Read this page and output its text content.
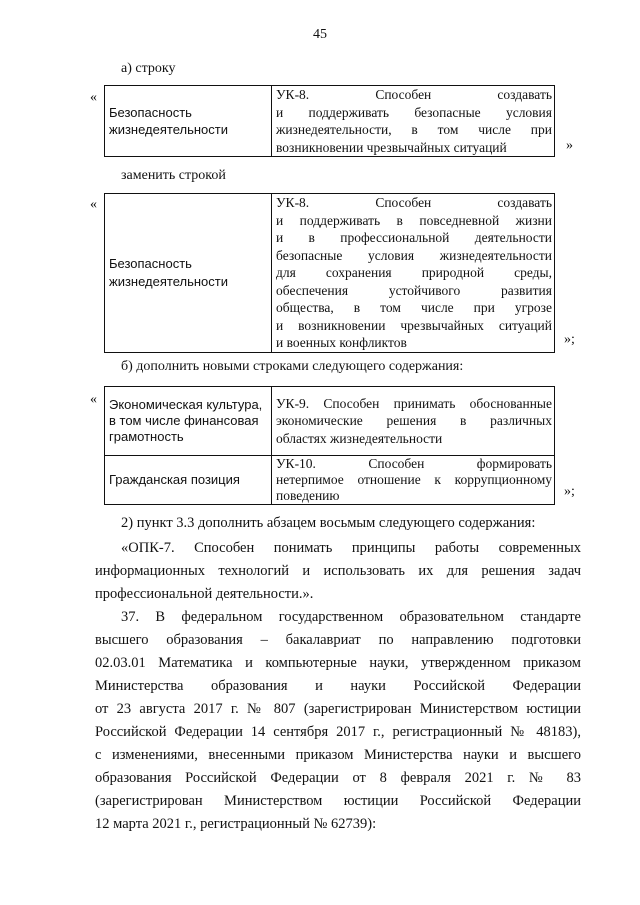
45
а) строку
«
Безопасность жизнедеятельности	
УК-8. Способен создавать
и поддерживать безопасные условия
жизнедеятельности, в том числе при
возникновении чрезвычайных ситуаций	»
заменить строкой
«
Безопасность жизнедеятельности	
УК-8. Способен создавать
и поддерживать в повседневной жизни
и в профессиональной деятельности
безопасные условия жизнедеятельности
для сохранения природной среды,
обеспечения устойчивого развития
общества, в том числе при угрозе
и возникновении чрезвычайных ситуаций
и военных конфликтов	»;
б) дополнить новыми строками следующего содержания:
« Экономическая культура, в том числе финансовая грамотность	УК-9. Способен принимать обоснованные
экономические решения в различных
областях жизнедеятельности

Гражданская позиция	УК-10. Способен формировать
нетерпимое отношение к коррупционному
поведению	»;
2) пункт 3.3 дополнить абзацем восьмым следующего содержания:
«ОПК-7. Способен понимать принципы работы современных
информационных технологий и использовать их для решения задач
профессиональной деятельности.».
37. В федеральном государственном образовательном стандарте
высшего образования – бакалавриат по направлению подготовки
02.03.01 Математика и компьютерные науки, утвержденном приказом
Министерства образования и науки Российской Федерации
от 23 августа 2017 г. № 807 (зарегистрирован Министерством юстиции
Российской Федерации 14 сентября 2017 г., регистрационный № 48183),
с изменениями, внесенными приказом Министерства науки и высшего
образования Российской Федерации от 8 февраля 2021 г. № 83
(зарегистрирован Министерством юстиции Российской Федерации
12 марта 2021 г., регистрационный № 62739):
